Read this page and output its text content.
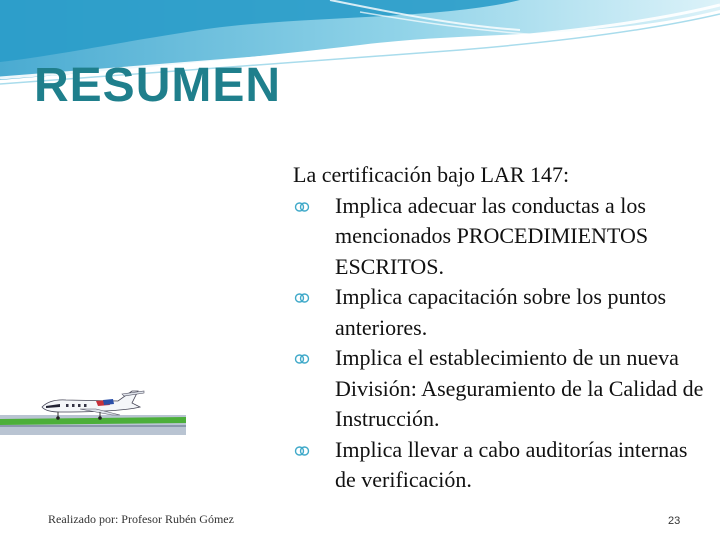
RESUMEN

La certificación bajo LAR 147:

Implica adecuar las conductas a los mencionados PROCEDIMIENTOS ESCRITOS.
Implica capacitación sobre los puntos anteriores.
Implica el establecimiento de un nueva División: Aseguramiento de la Calidad de Instrucción.
Implica llevar a cabo auditorías internas de verificación.
Realizado por: Profesor Rubén Gómez	23
